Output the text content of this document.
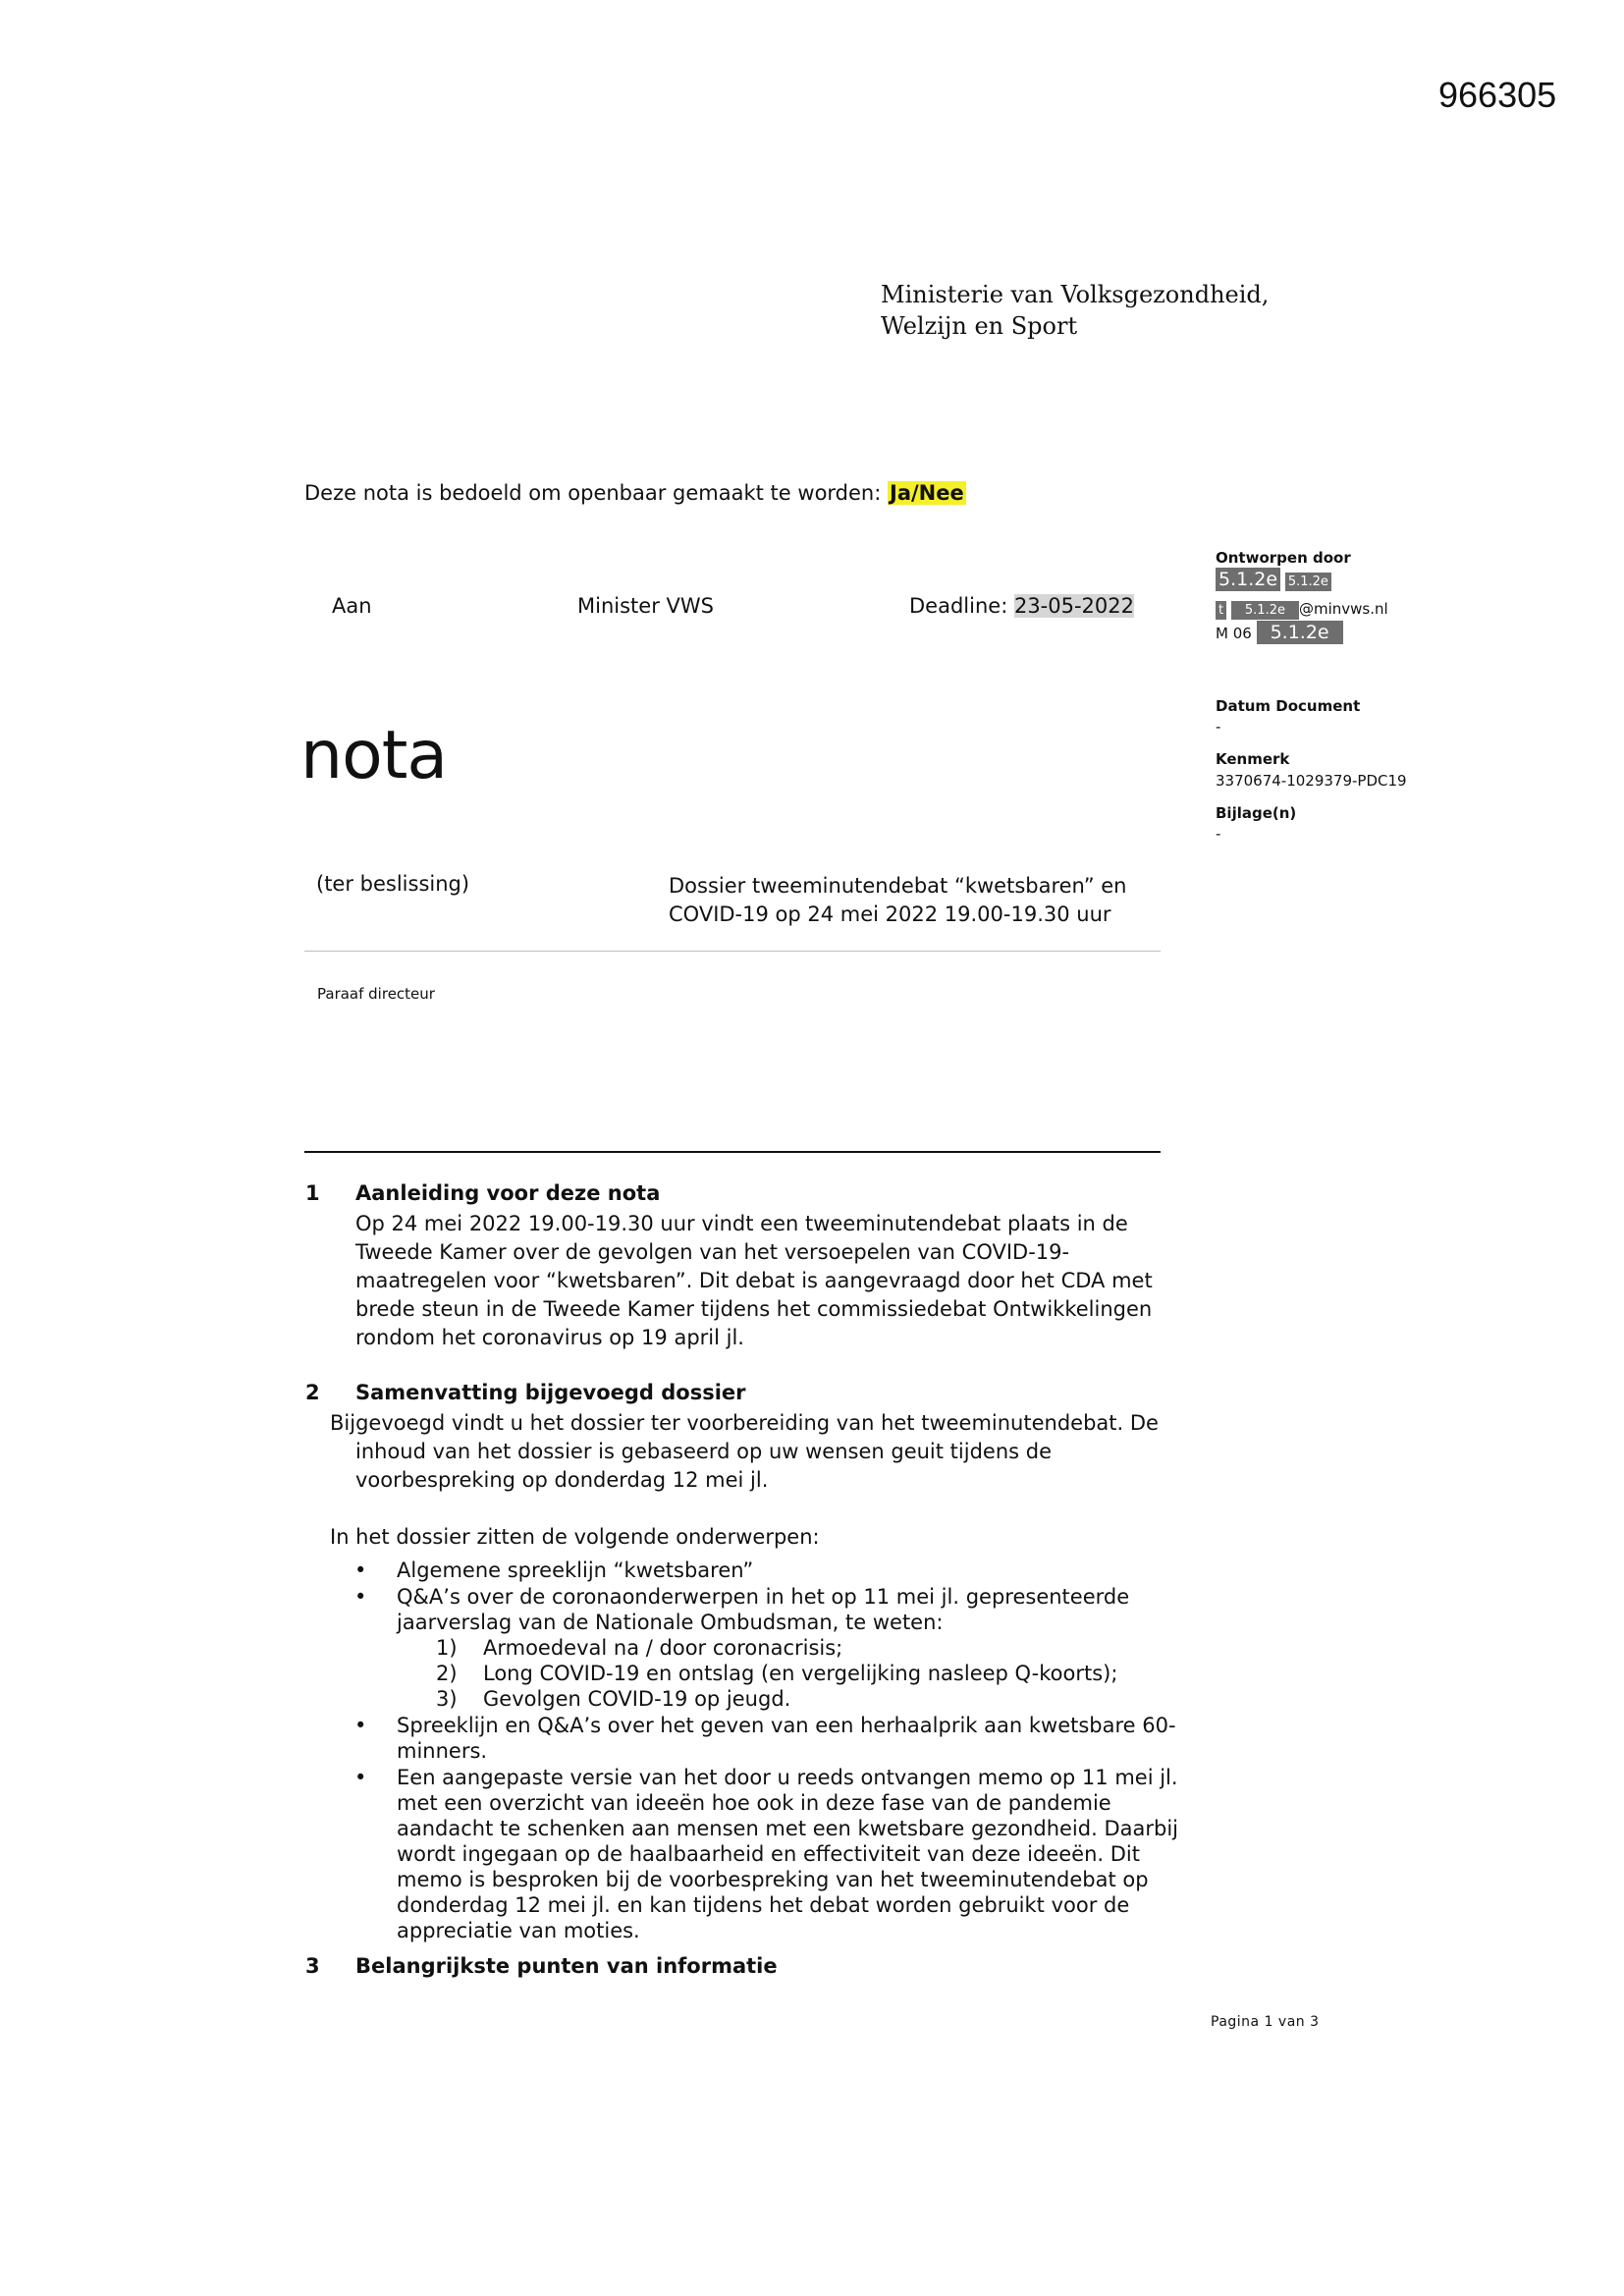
966305
Ministerie van Volksgezondheid,
Welzijn en Sport
Deze nota is bedoeld om openbaar gemaakt te worden: Ja/Nee
Aan	Minister VWS	Deadline: 23-05-2022
Ontworpen door
5.1.2e 5.1.2e
t 5.1.2e @minvws.nl
M 06 5.1.2e
Datum Document
-
Kenmerk
3370674-1029379-PDC19
Bijlage(n)
-
nota
(ter beslissing)	Dossier tweeminutendebat “kwetsbaren” en
COVID-19 op 24 mei 2022 19.00-19.30 uur
Paraaf directeur
1 Aanleiding voor deze nota

Op 24 mei 2022 19.00-19.30 uur vindt een tweeminutendebat plaats in de

Tweede Kamer over de gevolgen van het versoepelen van COVID-19-

maatregelen voor “kwetsbaren”. Dit debat is aangevraagd door het CDA met

brede steun in de Tweede Kamer tijdens het commissiedebat Ontwikkelingen

rondom het coronavirus op 19 april jl.

2 Samenvatting bijgevoegd dossier

Bijgevoegd vindt u het dossier ter voorbereiding van het tweeminutendebat. De

inhoud van het dossier is gebaseerd op uw wensen geuit tijdens de

voorbespreking op donderdag 12 mei jl.

In het dossier zitten de volgende onderwerpen:
• Algemene spreeklijn “kwetsbaren”
• Q&A’s over de coronaonderwerpen in het op 11 mei jl. gepresenteerde jaarverslag van de Nationale Ombudsman, te weten:
1) Armoedeval na / door coronacrisis;
2) Long COVID-19 en ontslag (en vergelijking nasleep Q-koorts);
3) Gevolgen COVID-19 op jeugd.
• Spreeklijn en Q&A’s over het geven van een herhaalprik aan kwetsbare 60-minners.
• Een aangepaste versie van het door u reeds ontvangen memo op 11 mei jl. met een overzicht van ideeën hoe ook in deze fase van de pandemie aandacht te schenken aan mensen met een kwetsbare gezondheid. Daarbij wordt ingegaan op de haalbaarheid en effectiviteit van deze ideeën. Dit memo is besproken bij de voorbespreking van het tweeminutendebat op donderdag 12 mei jl. en kan tijdens het debat worden gebruikt voor de appreciatie van moties.
3 Belangrijkste punten van informatie
Pagina 1 van 3
